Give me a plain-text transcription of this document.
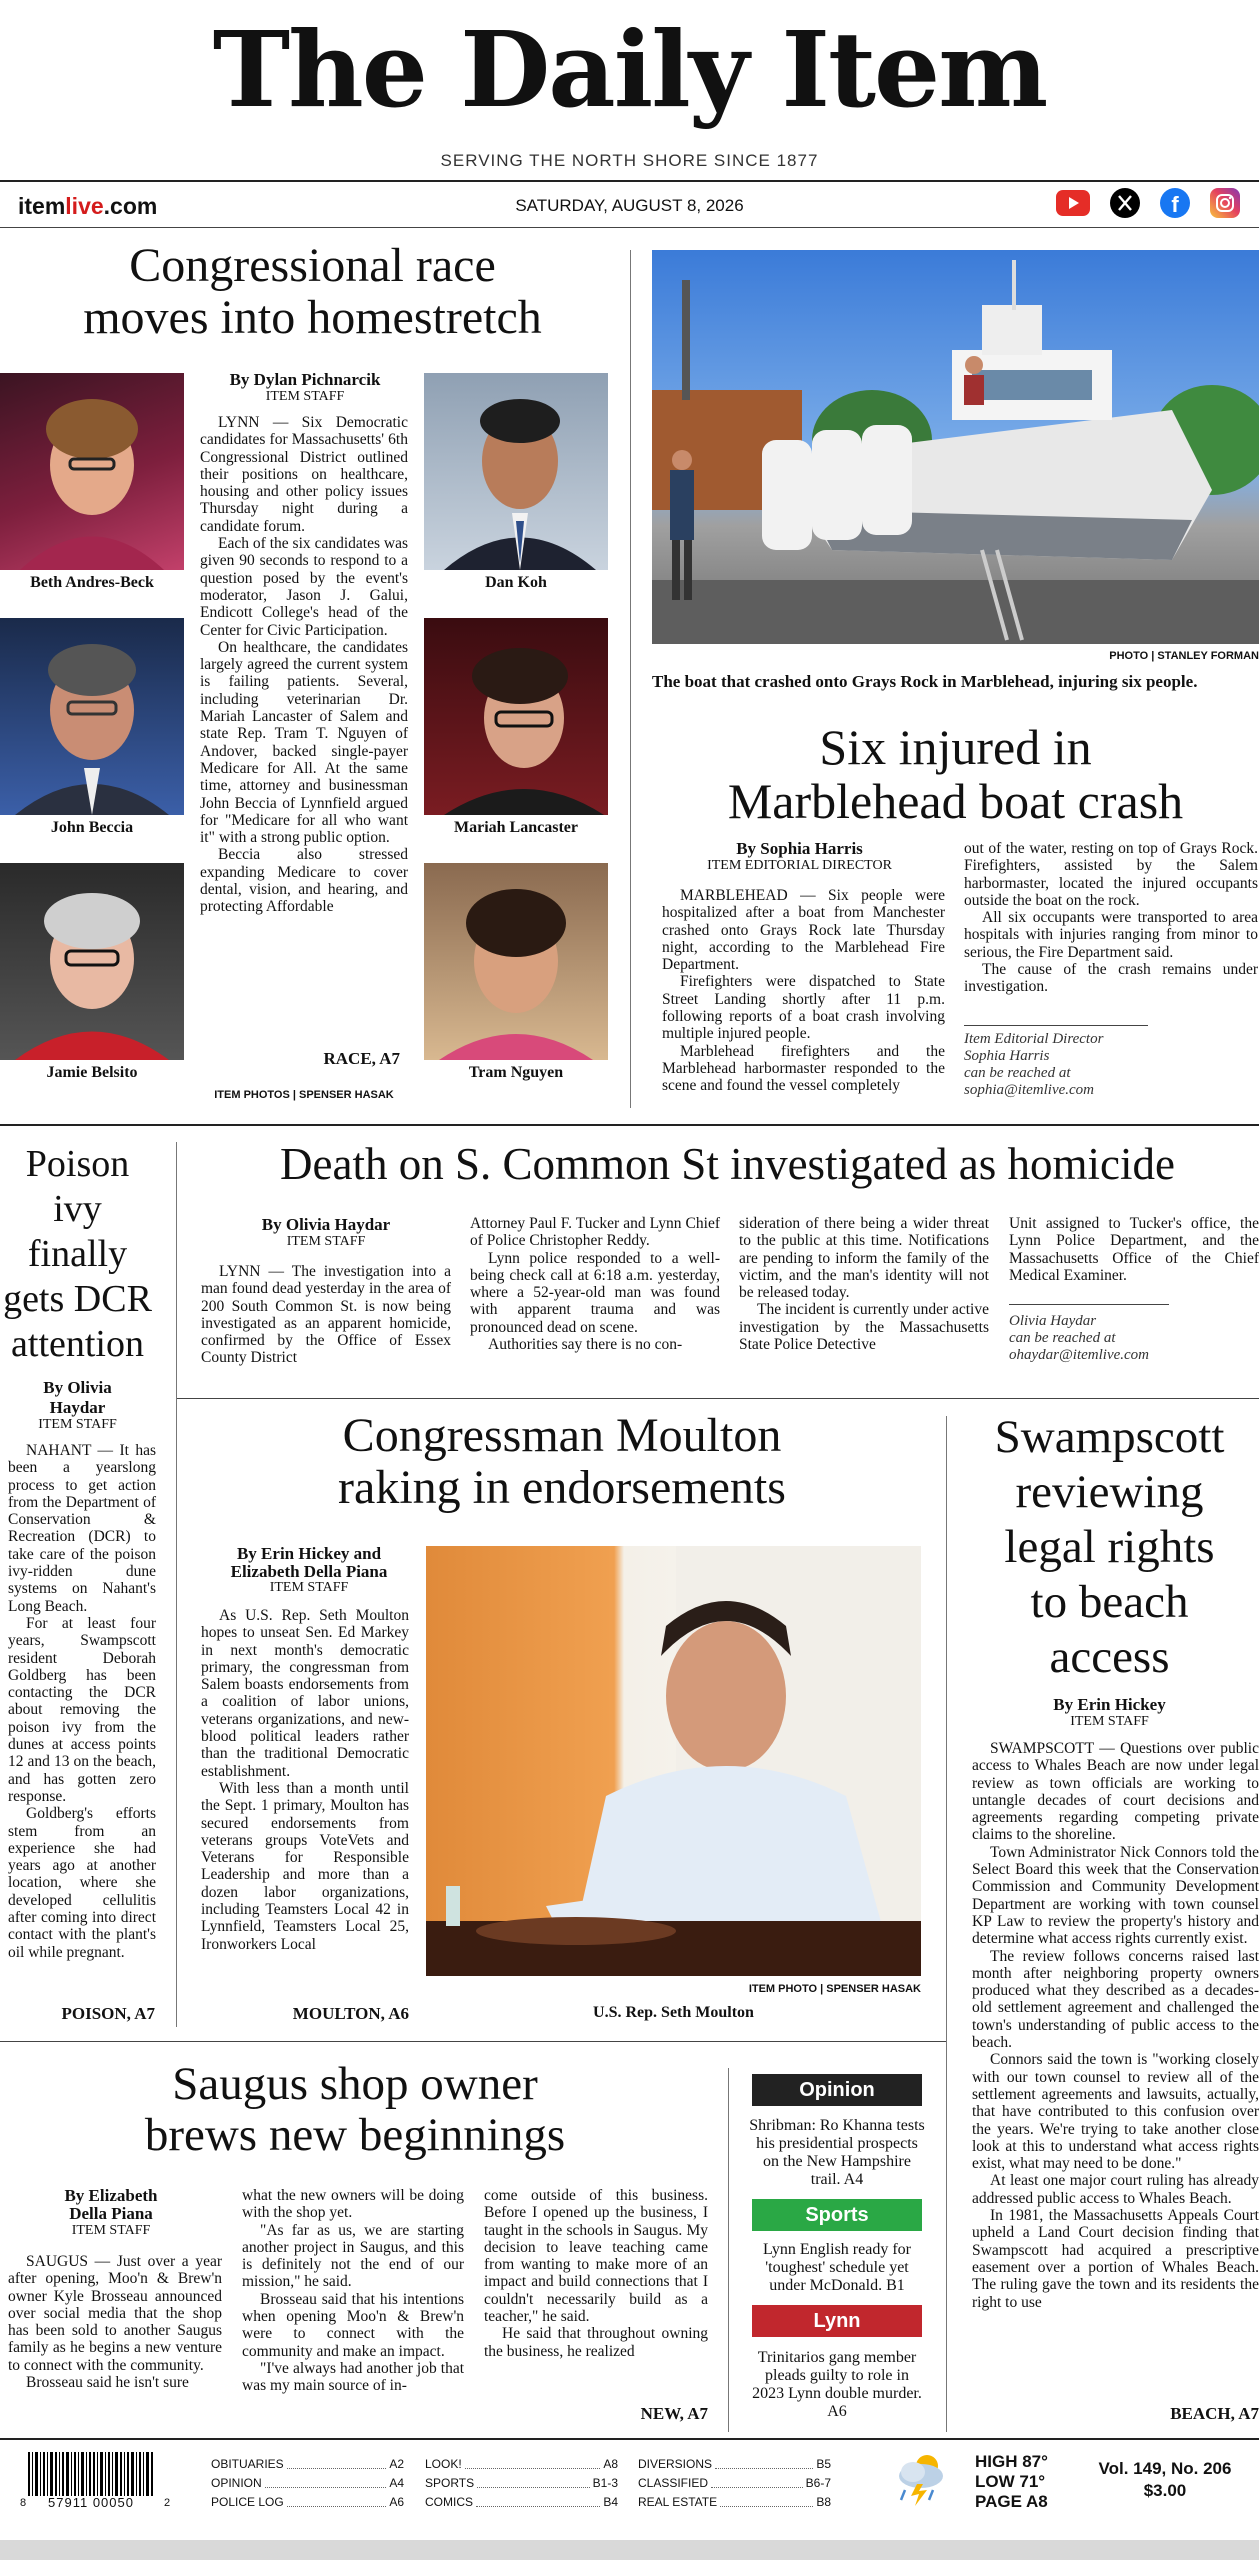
The Daily Item
SERVING THE NORTH SHORE SINCE 1877
itemlive.com	SATURDAY, AUGUST 8, 2026	f
Congressional race
moves into homestretch
Beth Andres-Beck
John Beccia
Jamie Belsito
Dan Koh
Mariah Lancaster
Tram Nguyen
By Dylan Pichnarcik
ITEM STAFF

LYNN — Six Democratic candidates for Massachusetts' 6th Congressional District outlined their positions on healthcare, housing and other policy issues Thursday night during a candidate forum.

Each of the six candidates was given 90 seconds to respond to a question posed by the event's moderator, Jason J. Galui, Endicott College's head of the Center for Civic Participation.

On healthcare, the candidates largely agreed the current system is failing patients. Several, including veterinarian Dr. Mariah Lancaster of Salem and state Rep. Tram T. Nguyen of Andover, backed single-payer Medicare for All. At the same time, attorney and businessman John Beccia of Lynnfield argued for "Medicare for all who want it" with a strong public option.

Beccia also stressed expanding Medicare to cover dental, vision, and hearing, and protecting Affordable

RACE, A7
ITEM PHOTOS | SPENSER HASAK
PHOTO | STANLEY FORMAN
The boat that crashed onto Grays Rock in Marblehead, injuring six people.
Six injured in
Marblehead boat crash
By Sophia Harris
ITEM EDITORIAL DIRECTOR

MARBLEHEAD — Six people were hospitalized after a boat from Manchester crashed onto Grays Rock late Thursday night, according to the Marblehead Fire Department.

Firefighters were dispatched to State Street Landing shortly after 11 p.m. following reports of a boat crash involving multiple injured people.

Marblehead firefighters and the Marblehead harbormaster responded to the scene and found the vessel completely

out of the water, resting on top of Grays Rock. Firefighters, assisted by the Salem harbormaster, located the injured occupants outside the boat on the rock.

All six occupants were transported to area hospitals with injuries ranging from minor to serious, the Fire Department said.

The cause of the crash remains under investigation.

Item Editorial Director
Sophia Harris
can be reached at
sophia@itemlive.com
Poison
ivy
finally
gets DCR
attention
By Olivia
Haydar
ITEM STAFF

NAHANT — It has been a yearslong process to get action from the Department of Conservation & Recreation (DCR) to take care of the poison ivy-ridden dune systems on Nahant's Long Beach.

For at least four years, Swampscott resident Deborah Goldberg has been contacting the DCR about removing the poison ivy from the dunes at access points 12 and 13 on the beach, and has gotten zero response.

Goldberg's efforts stem from an experience she had years ago at another location, where she developed cellulitis after coming into direct contact with the plant's oil while pregnant.

POISON, A7
Death on S. Common St investigated as homicide
By Olivia Haydar
ITEM STAFF

LYNN — The investigation into a man found dead yesterday in the area of 200 South Common St. is now being investigated as an apparent homicide, confirmed by the Office of Essex County District

Attorney Paul F. Tucker and Lynn Chief of Police Christopher Reddy.

Lynn police responded to a well-being check call at 6:18 a.m. yesterday, where a 52-year-old man was found with apparent trauma and was pronounced dead on scene.

Authorities say there is no con-

sideration of there being a wider threat to the public at this time. Notifications are pending to inform the family of the victim, and the man's identity will not be released today.

The incident is currently under active investigation by the Massachusetts State Police Detective

Unit assigned to Tucker's office, the Lynn Police Department, and the Massachusetts Office of the Chief Medical Examiner.

Olivia Haydar
can be reached at
ohaydar@itemlive.com
Congressman Moulton
raking in endorsements
By Erin Hickey and
Elizabeth Della Piana
ITEM STAFF

As U.S. Rep. Seth Moulton hopes to unseat Sen. Ed Markey in next month's democratic primary, the congressman from Salem boasts endorsements from a coalition of labor unions, veterans organizations, and new-blood political leaders rather than the traditional Democratic establishment.

With less than a month until the Sept. 1 primary, Moulton has secured endorsements from veterans groups VoteVets and Veterans for Responsible Leadership and more than a dozen labor organizations, including Teamsters Local 42 in Lynnfield, Teamsters Local 25, Ironworkers Local

MOULTON, A6
ITEM PHOTO | SPENSER HASAK
U.S. Rep. Seth Moulton
Swampscott
reviewing
legal rights
to beach
access
By Erin Hickey
ITEM STAFF

SWAMPSCOTT — Questions over public access to Whales Beach are now under legal review as town officials are working to untangle decades of court decisions and agreements regarding competing private claims to the shoreline.

Town Administrator Nick Connors told the Select Board this week that the Conservation Commission and Community Development Department are working with town counsel KP Law to review the property's history and determine what access rights currently exist.

The review follows concerns raised last month after neighboring property owners produced what they described as a decades-old settlement agreement and challenged the town's understanding of public access to the beach.

Connors said the town is "working closely with our town counsel to review all of the settlement agreements and lawsuits, actually, that have contributed to this confusion over the years. We're trying to take another close look at this to understand what access rights exist, what may need to be done."

At least one major court ruling has already addressed public access to Whales Beach.

In 1981, the Massachusetts Appeals Court upheld a Land Court decision finding that Swampscott had acquired a prescriptive easement over a portion of Whales Beach. The ruling gave the town and its residents the right to use

BEACH, A7
Saugus shop owner
brews new beginnings
By Elizabeth
Della Piana
ITEM STAFF

SAUGUS — Just over a year after opening, Moo'n & Brew'n owner Kyle Brosseau announced over social media that the shop has been sold to another Saugus family as he begins a new venture to connect with the community.

Brosseau said he isn't sure

what the new owners will be doing with the shop yet.

"As far as us, we are starting another project in Saugus, and this is definitely not the end of our mission," he said.

Brosseau said that his intentions when opening Moo'n & Brew'n were to connect with the community and make an impact.

"I've always had another job that was my main source of in-

come outside of this business. Before I opened up the business, I taught in the schools in Saugus. My decision to leave teaching came from wanting to make more of an impact and build connections that I couldn't necessarily build as a teacher," he said.

He said that throughout owning the business, he realized

NEW, A7
Opinion
Shribman: Ro Khanna tests his presidential prospects on the New Hampshire trail. A4
Sports
Lynn English ready for 'toughest' schedule yet under McDonald. B1
Lynn
Trinitarios gang member pleads guilty to role in 2023 Lynn double murder. A6
8	57911 00050	2
OBITUARIES	A2
OPINION	A4
POLICE LOG	A6
LOOK!	A8
SPORTS	B1-3
COMICS	B4
DIVERSIONS	B5
CLASSIFIED	B6-7
REAL ESTATE	B8
HIGH 87°
LOW 71°
PAGE A8
Vol. 149, No. 206
$3.00
